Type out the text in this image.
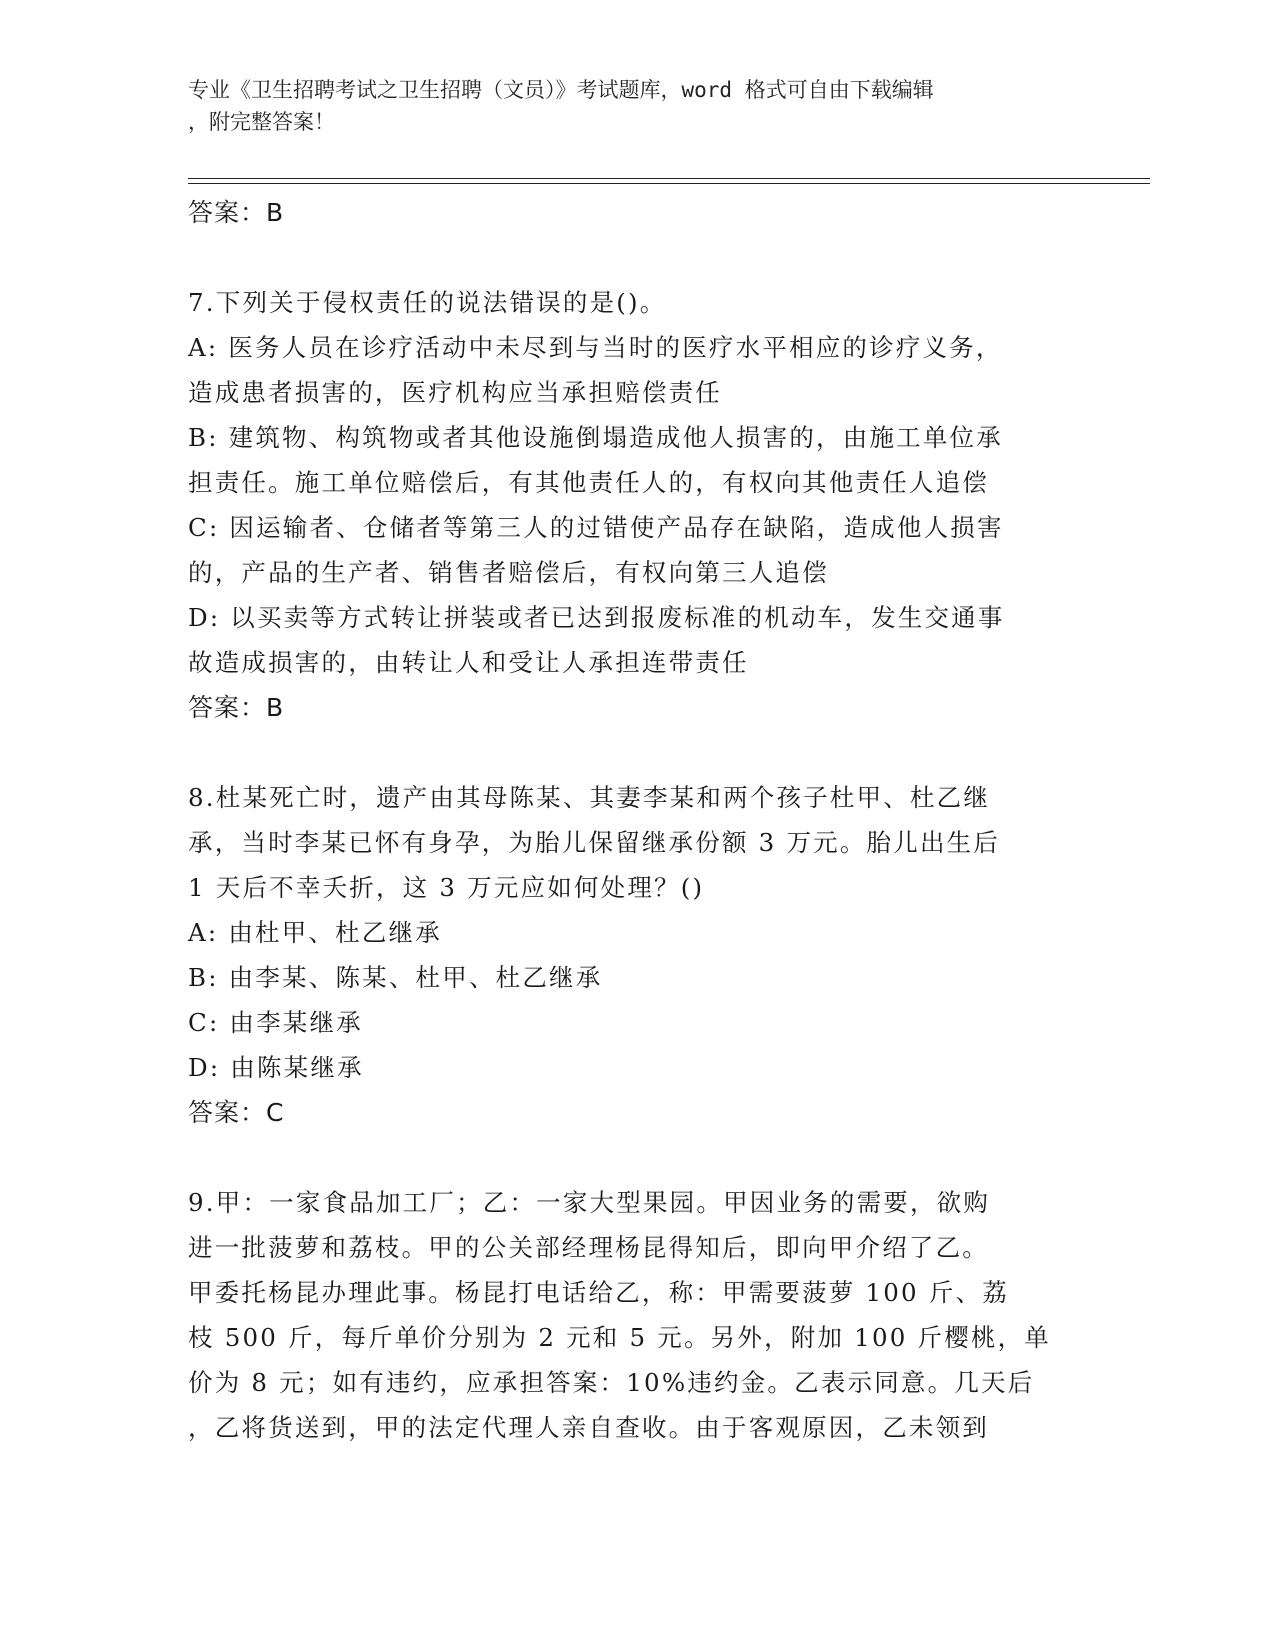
专业《卫生招聘考试之卫生招聘（文员）》考试题库，word 格式可自由下载编辑
，附完整答案！
答案：B
7.下列关于侵权责任的说法错误的是()。
A: 医务人员在诊疗活动中未尽到与当时的医疗水平相应的诊疗义务，
造成患者损害的，医疗机构应当承担赔偿责任
B: 建筑物、构筑物或者其他设施倒塌造成他人损害的，由施工单位承
担责任。施工单位赔偿后，有其他责任人的，有权向其他责任人追偿
C: 因运输者、仓储者等第三人的过错使产品存在缺陷，造成他人损害
的，产品的生产者、销售者赔偿后，有权向第三人追偿
D: 以买卖等方式转让拼装或者已达到报废标准的机动车，发生交通事
故造成损害的，由转让人和受让人承担连带责任
答案：B
8.杜某死亡时，遗产由其母陈某、其妻李某和两个孩子杜甲、杜乙继
承，当时李某已怀有身孕，为胎儿保留继承份额 3 万元。胎儿出生后
1 天后不幸夭折，这 3 万元应如何处理？()
A: 由杜甲、杜乙继承
B: 由李某、陈某、杜甲、杜乙继承
C: 由李某继承
D: 由陈某继承
答案：C
9.甲：一家食品加工厂；乙：一家大型果园。甲因业务的需要，欲购
进一批菠萝和荔枝。甲的公关部经理杨昆得知后，即向甲介绍了乙。
甲委托杨昆办理此事。杨昆打电话给乙，称：甲需要菠萝 100 斤、荔
枝 500 斤，每斤单价分别为 2 元和 5 元。另外，附加 100 斤樱桃，单
价为 8 元；如有违约，应承担答案：10%违约金。乙表示同意。几天后
，乙将货送到，甲的法定代理人亲自查收。由于客观原因，乙未领到
